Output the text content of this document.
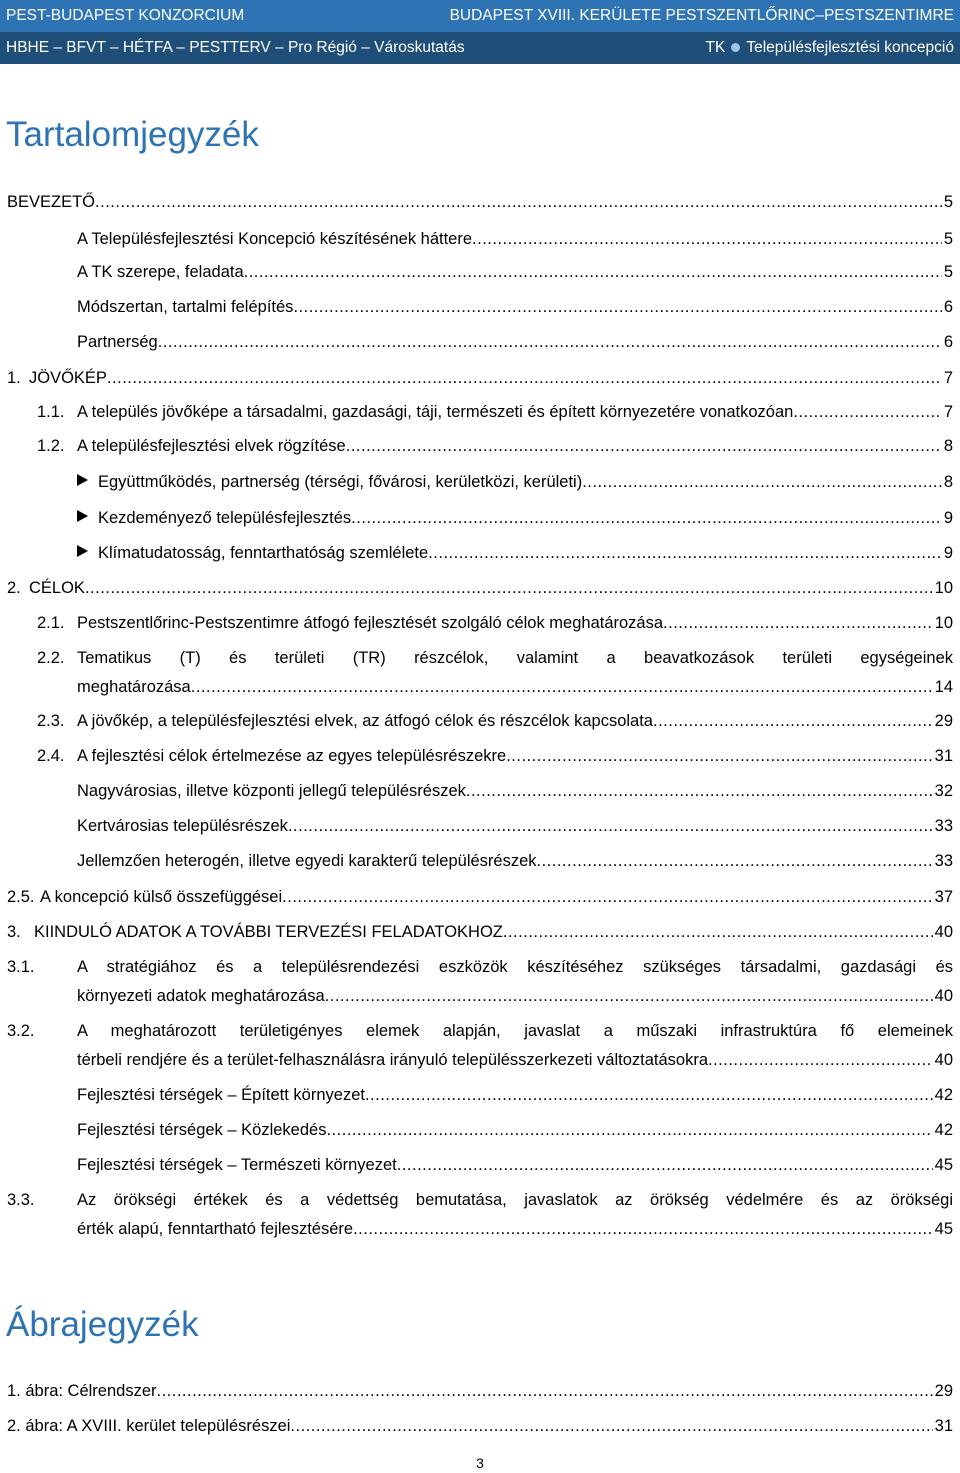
PEST-BUDAPEST KONZORCIUM	BUDAPEST XVIII. KERÜLETE PESTSZENTLŐRINC–PESTSZENTIMRE
HBHE – BFVT – HÉTFA – PESTTERV – Pro Régió – Városkutatás	TK Településfejlesztési koncepció
Tartalomjegyzék
BEVEZETŐ .....	5
A Településfejlesztési Koncepció készítésének háttere .....	5
A TK szerepe, feladata .....	5
Módszertan, tartalmi felépítés .....	6
Partnerség .....	6
1. JÖVŐKÉP .....	7
1.1. A település jövőképe a társadalmi, gazdasági, táji, természeti és épített környezetére vonatkozóan .....	7
1.2. A településfejlesztési elvek rögzítése .....	8
Együttműködés, partnerség (térségi, fővárosi, kerületközi, kerületi) .....	8
Kezdeményező településfejlesztés .....	9
Klímatudatosság, fenntarthatóság szemlélete .....	9
2. CÉLOK .....	10
2.1. Pestszentlőrinc-Pestszentimre átfogó fejlesztését szolgáló célok meghatározása .....	10
2.2. Tematikus (T) és területi (TR) részcélok, valamint a beavatkozások területi egységeinek
meghatározása .....	14
2.3. A jövőkép, a településfejlesztési elvek, az átfogó célok és részcélok kapcsolata .....	29
2.4. A fejlesztési célok értelmezése az egyes településrészekre .....	31
Nagyvárosias, illetve központi jellegű településrészek .....	32
Kertvárosias településrészek .....	33
Jellemzően heterogén, illetve egyedi karakterű településrészek .....	33
2.5. A koncepció külső összefüggései .....	37
3. KIINDULÓ ADATOK A TOVÁBBI TERVEZÉSI FELADATOKHOZ .....	40
3.1.	A stratégiához és a településrendezési eszközök készítéséhez szükséges társadalmi, gazdasági és
környezeti adatok meghatározása .....	40
3.2.	A meghatározott területigényes elemek alapján, javaslat a műszaki infrastruktúra fő elemeinek
térbeli rendjére és a terület-felhasználásra irányuló településszerkezeti változtatásokra .....	40
Fejlesztési térségek – Épített környezet .....	42
Fejlesztési térségek – Közlekedés .....	42
Fejlesztési térségek – Természeti környezet .....	45
3.3.	Az örökségi értékek és a védettség bemutatása, javaslatok az örökség védelmére és az örökségi
érték alapú, fenntartható fejlesztésére .....	45
Ábrajegyzék
1. ábra: Célrendszer .....	29
2. ábra: A XVIII. kerület településrészei .....	31
3
